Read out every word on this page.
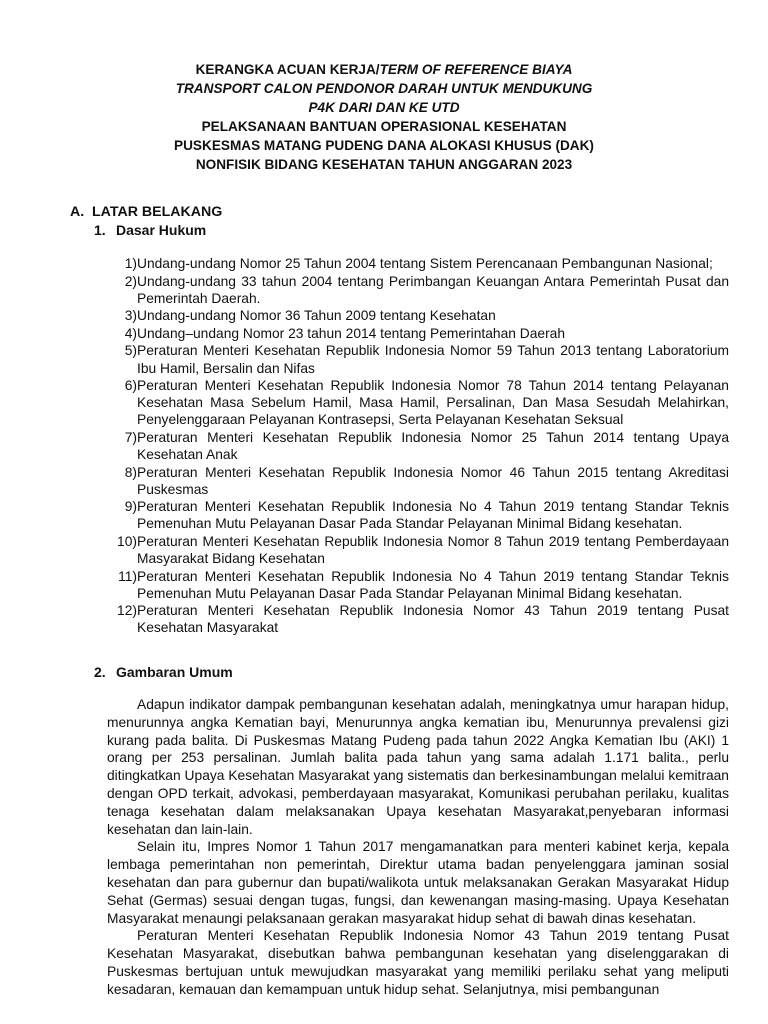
KERANGKA ACUAN KERJA/TERM OF REFERENCE BIAYA
TRANSPORT CALON PENDONOR DARAH UNTUK MENDUKUNG
P4K DARI DAN KE UTD
PELAKSANAAN BANTUAN OPERASIONAL KESEHATAN
PUSKESMAS MATANG PUDENG DANA ALOKASI KHUSUS (DAK)
NONFISIK BIDANG KESEHATAN TAHUN ANGGARAN 2023
A. LATAR BELAKANG
1. Dasar Hukum
1) Undang-undang Nomor 25 Tahun 2004 tentang Sistem Perencanaan Pembangunan Nasional;
2) Undang-undang 33 tahun 2004 tentang Perimbangan Keuangan Antara Pemerintah Pusat dan Pemerintah Daerah.
3) Undang-undang Nomor 36 Tahun 2009 tentang Kesehatan
4) Undang–undang Nomor 23 tahun 2014 tentang Pemerintahan Daerah
5) Peraturan Menteri Kesehatan Republik Indonesia Nomor 59 Tahun 2013 tentang Laboratorium Ibu Hamil, Bersalin dan Nifas
6) Peraturan Menteri Kesehatan Republik Indonesia Nomor 78 Tahun 2014 tentang Pelayanan Kesehatan Masa Sebelum Hamil, Masa Hamil, Persalinan, Dan Masa Sesudah Melahirkan, Penyelenggaraan Pelayanan Kontrasepsi, Serta Pelayanan Kesehatan Seksual
7) Peraturan Menteri Kesehatan Republik Indonesia Nomor 25 Tahun 2014 tentang Upaya Kesehatan Anak
8) Peraturan Menteri Kesehatan Republik Indonesia Nomor 46 Tahun 2015 tentang Akreditasi Puskesmas
9) Peraturan Menteri Kesehatan Republik Indonesia No 4 Tahun 2019 tentang Standar Teknis Pemenuhan Mutu Pelayanan Dasar Pada Standar Pelayanan Minimal Bidang kesehatan.
10) Peraturan Menteri Kesehatan Republik Indonesia Nomor 8 Tahun 2019 tentang Pemberdayaan Masyarakat Bidang Kesehatan
11) Peraturan Menteri Kesehatan Republik Indonesia No 4 Tahun 2019 tentang Standar Teknis Pemenuhan Mutu Pelayanan Dasar Pada Standar Pelayanan Minimal Bidang kesehatan.
12) Peraturan Menteri Kesehatan Republik Indonesia Nomor 43 Tahun 2019 tentang Pusat Kesehatan Masyarakat
2. Gambaran Umum

Adapun indikator dampak pembangunan kesehatan adalah, meningkatnya umur harapan hidup, menurunnya angka Kematian bayi, Menurunnya angka kematian ibu, Menurunnya prevalensi gizi kurang pada balita. Di Puskesmas Matang Pudeng pada tahun 2022 Angka Kematian Ibu (AKI) 1 orang per 253 persalinan. Jumlah balita pada tahun yang sama adalah 1.171 balita., perlu ditingkatkan Upaya Kesehatan Masyarakat yang sistematis dan berkesinambungan melalui kemitraan dengan OPD terkait, advokasi, pemberdayaan masyarakat, Komunikasi perubahan perilaku, kualitas tenaga kesehatan dalam melaksanakan Upaya kesehatan Masyarakat,penyebaran informasi kesehatan dan lain-lain.

Selain itu, Impres Nomor 1 Tahun 2017 mengamanatkan para menteri kabinet kerja, kepala lembaga pemerintahan non pemerintah, Direktur utama badan penyelenggara jaminan sosial kesehatan dan para gubernur dan bupati/walikota untuk melaksanakan Gerakan Masyarakat Hidup Sehat (Germas) sesuai dengan tugas, fungsi, dan kewenangan masing-masing. Upaya Kesehatan Masyarakat menaungi pelaksanaan gerakan masyarakat hidup sehat di bawah dinas kesehatan.

Peraturan Menteri Kesehatan Republik Indonesia Nomor 43 Tahun 2019 tentang Pusat Kesehatan Masyarakat, disebutkan bahwa pembangunan kesehatan yang diselenggarakan di Puskesmas bertujuan untuk mewujudkan masyarakat yang memiliki perilaku sehat yang meliputi kesadaran, kemauan dan kemampuan untuk hidup sehat. Selanjutnya, misi pembangunan
